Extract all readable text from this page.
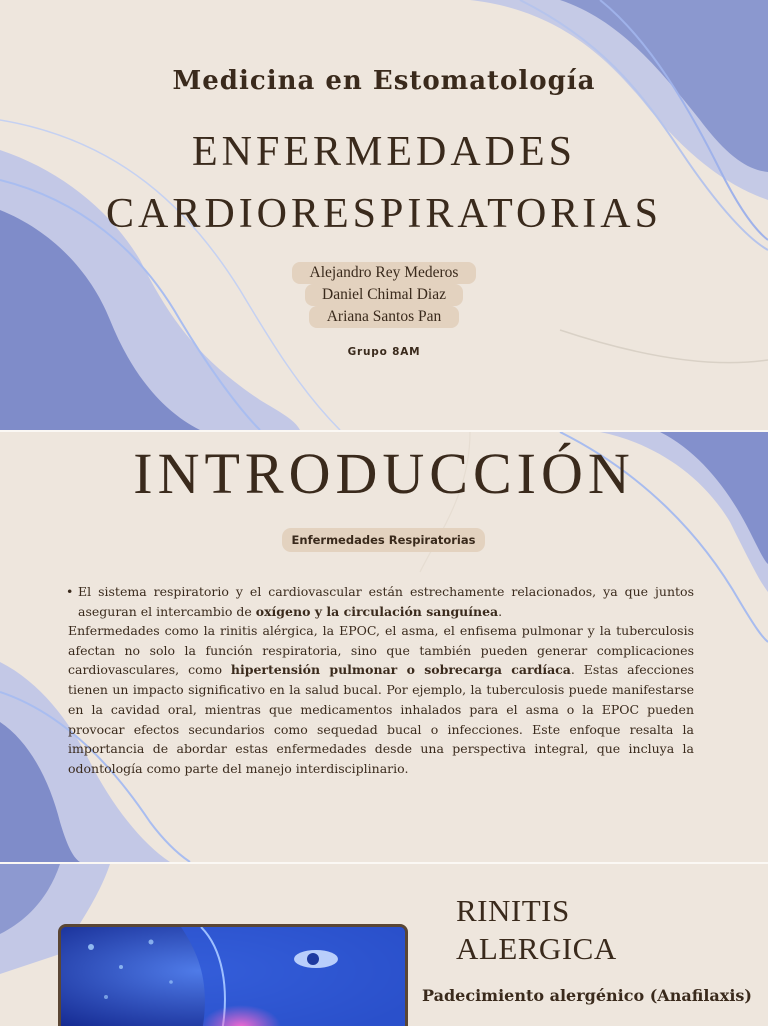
Medicina en Estomatología
ENFERMEDADES
CARDIORESPIRATORIAS
Alejandro Rey Mederos
Daniel Chimal Diaz
Ariana Santos Pan
Grupo 8AM
INTRODUCCIÓN
Enfermedades Respiratorias
• El sistema respiratorio y el cardiovascular están estrechamente relacionados, ya que juntos aseguran el intercambio de oxígeno y la circulación sanguínea.
Enfermedades como la rinitis alérgica, la EPOC, el asma, el enfisema pulmonar y la tuberculosis afectan no solo la función respiratoria, sino que también pueden generar complicaciones cardiovasculares, como hipertensión pulmonar o sobrecarga cardíaca. Estas afecciones tienen un impacto significativo en la salud bucal. Por ejemplo, la tuberculosis puede manifestarse en la cavidad oral, mientras que medicamentos inhalados para el asma o la EPOC pueden provocar efectos secundarios como sequedad bucal o infecciones. Este enfoque resalta la importancia de abordar estas enfermedades desde una perspectiva integral, que incluya la odontología como parte del manejo interdisciplinario.
RINITIS
ALERGICA
Padecimiento alergénico (Anafilaxis)
